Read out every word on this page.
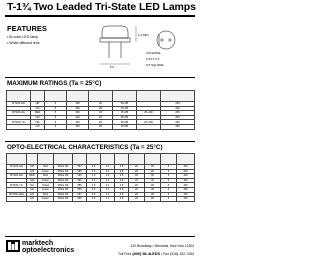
T-1¾ Two Leaded Tri-State LED Lamps
FEATURES
• Bi-color LED lamp
• White diffused lens
1.0 MIN
5.0
2.54 ± 0.3
CATHODE
0.5 SQUARE
MAXIMUM RATINGS (Ta = 25°C)

MT320-HR	HR	5	150	30	25~85		260
	GR	5	100	25	25~85		260
MT320-HG	RED	5	150	30	25~85	25~100	260
	GR	5	100	25	25~85		260
MT320-YG	YEL	5	100	25	25~85	25~100	260
	GR	5	100	25	25~85		260
OPTO-ELECTRICAL CHARACTERISTICS (Ta = 25°C)

MT320-HR	HR	Red	White Dif	697	0.6	2.1	2.8	20	30	5	100
	GR	Green	White Dif	565	0.6	2.1	2.8	20	30	5	100
MT320-HG	RED	Red	White Dif	635	1.0	2.0	2.5	20	30	5	100
	GR	Green	White Dif	565	0.6	2.1	2.8	20	30	5	100
MT320-YG	YEL	Yellow	White Dif	585	1.0	2.1	2.8	20	30	5	100
	GR	Green	White Dif	565	0.6	2.1	2.8	20	30	5	100
MT320-HRG	HR	Red	White Dif	697	0.6	2.1	2.8	20	30	5	100
	GR	Green	White Dif	565	0.6	2.1	2.8	20	30	5	100
marktech
optoelectronics
120 Broadway • Menands, New York 12204
Toll Free (800) 98-4LEDS • Fax (518) 432-7454
